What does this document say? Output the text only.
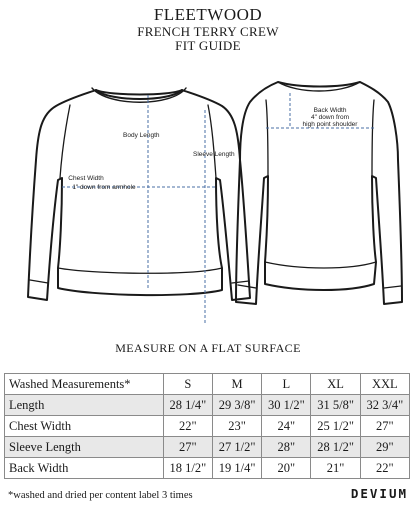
FLEETWOOD
FRENCH TERRY CREW
FIT GUIDE
Body Length
Sleeve Length
Chest Width
1" down from armhole
Back Width
4" down from
high point shoulder
MEASURE ON A FLAT SURFACE
Washed Measurements*	S	M	L	XL	XXL
Length	28 1/4"	29 3/8"	30 1/2"	31 5/8"	32 3/4"
Chest Width	22"	23"	24"	25 1/2"	27"
Sleeve Length	27"	27 1/2"	28"	28 1/2"	29"
Back Width	18 1/2"	19 1/4"	20"	21"	22"
*washed and dried per content label 3 times	DEVIUM
